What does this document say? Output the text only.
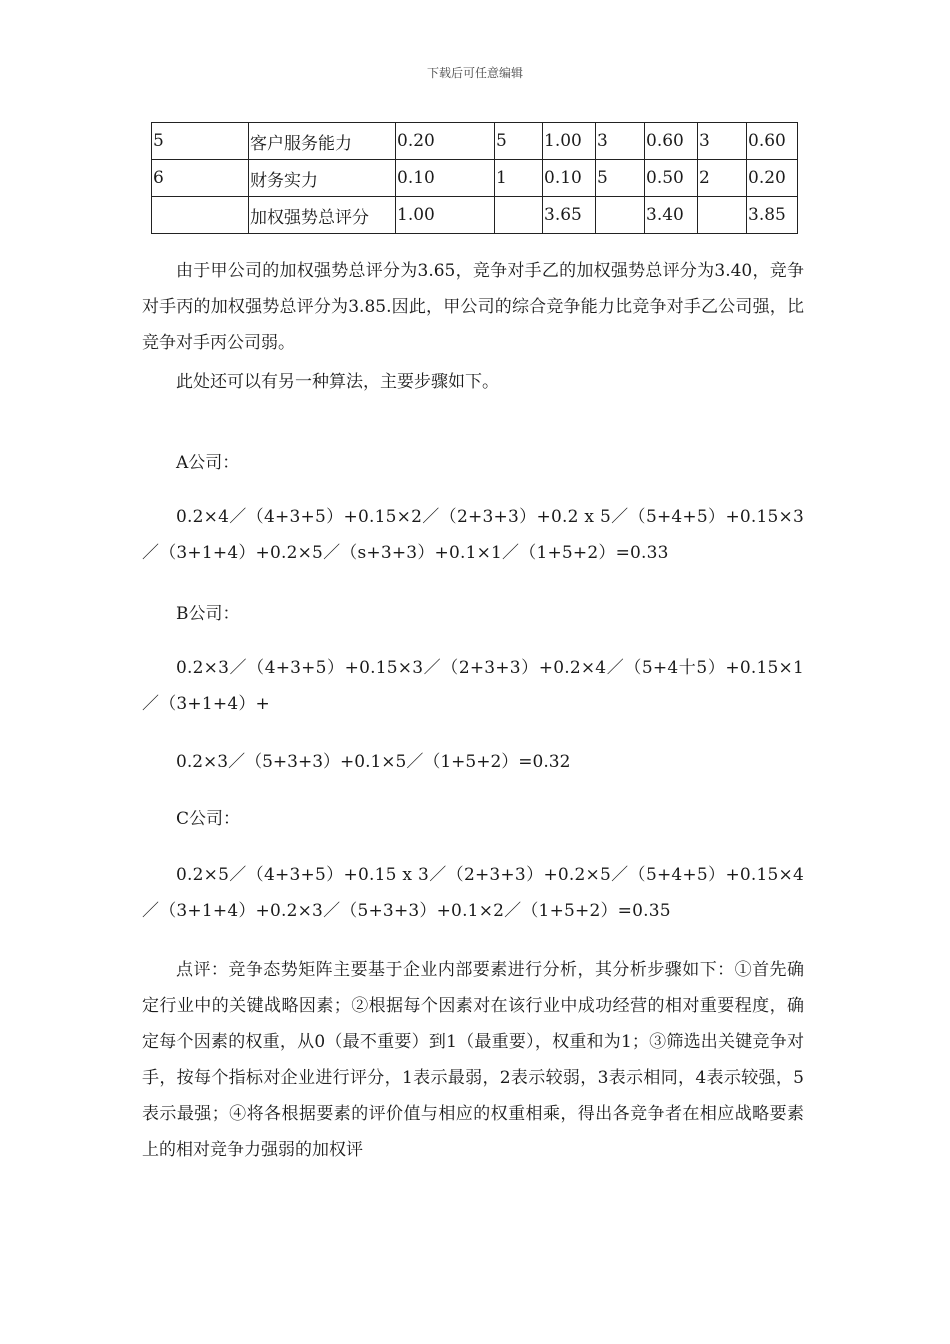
下载后可任意编辑
5	客户服务能力	0.20	5	1.00	3	0.60	3	0.60
6	财务实力	0.10	1	0.10	5	0.50	2	0.20
	加权强势总评分	1.00		3.65		3.40		3.85

由于甲公司的加权强势总评分为3.65，竞争对手乙的加权强势总评分为3.40，竞争对手丙的加权强势总评分为3.85.因此，甲公司的综合竞争能力比竞争对手乙公司强，比竞争对手丙公司弱。

此处还可以有另一种算法，主要步骤如下。

A公司：

0.2×4／（4+3+5）+0.15×2／（2+3+3）+0.2 x 5／（5+4+5）+0.15×3／（3+1+4）+0.2×5／（s+3+3）+0.1×1／（1+5+2）=0.33

B公司：

0.2×3／（4+3+5）+0.15×3／（2+3+3）+0.2×4／（5+4十5）+0.15×1／（3+1+4）+

0.2×3／（5+3+3）+0.1×5／（1+5+2）=0.32

C公司：

0.2×5／（4+3+5）+0.15 x 3／（2+3+3）+0.2×5／（5+4+5）+0.15×4／（3+1+4）+0.2×3／（5+3+3）+0.1×2／（1+5+2）=0.35

点评：竞争态势矩阵主要基于企业内部要素进行分析，其分析步骤如下：①首先确定行业中的关键战略因素；②根据每个因素对在该行业中成功经营的相对重要程度，确定每个因素的权重，从0（最不重要）到1（最重要），权重和为1；③筛选出关键竞争对手，按每个指标对企业进行评分，1表示最弱，2表示较弱，3表示相同，4表示较强，5表示最强；④将各根据要素的评价值与相应的权重相乘，得出各竞争者在相应战略要素上的相对竞争力强弱的加权评
